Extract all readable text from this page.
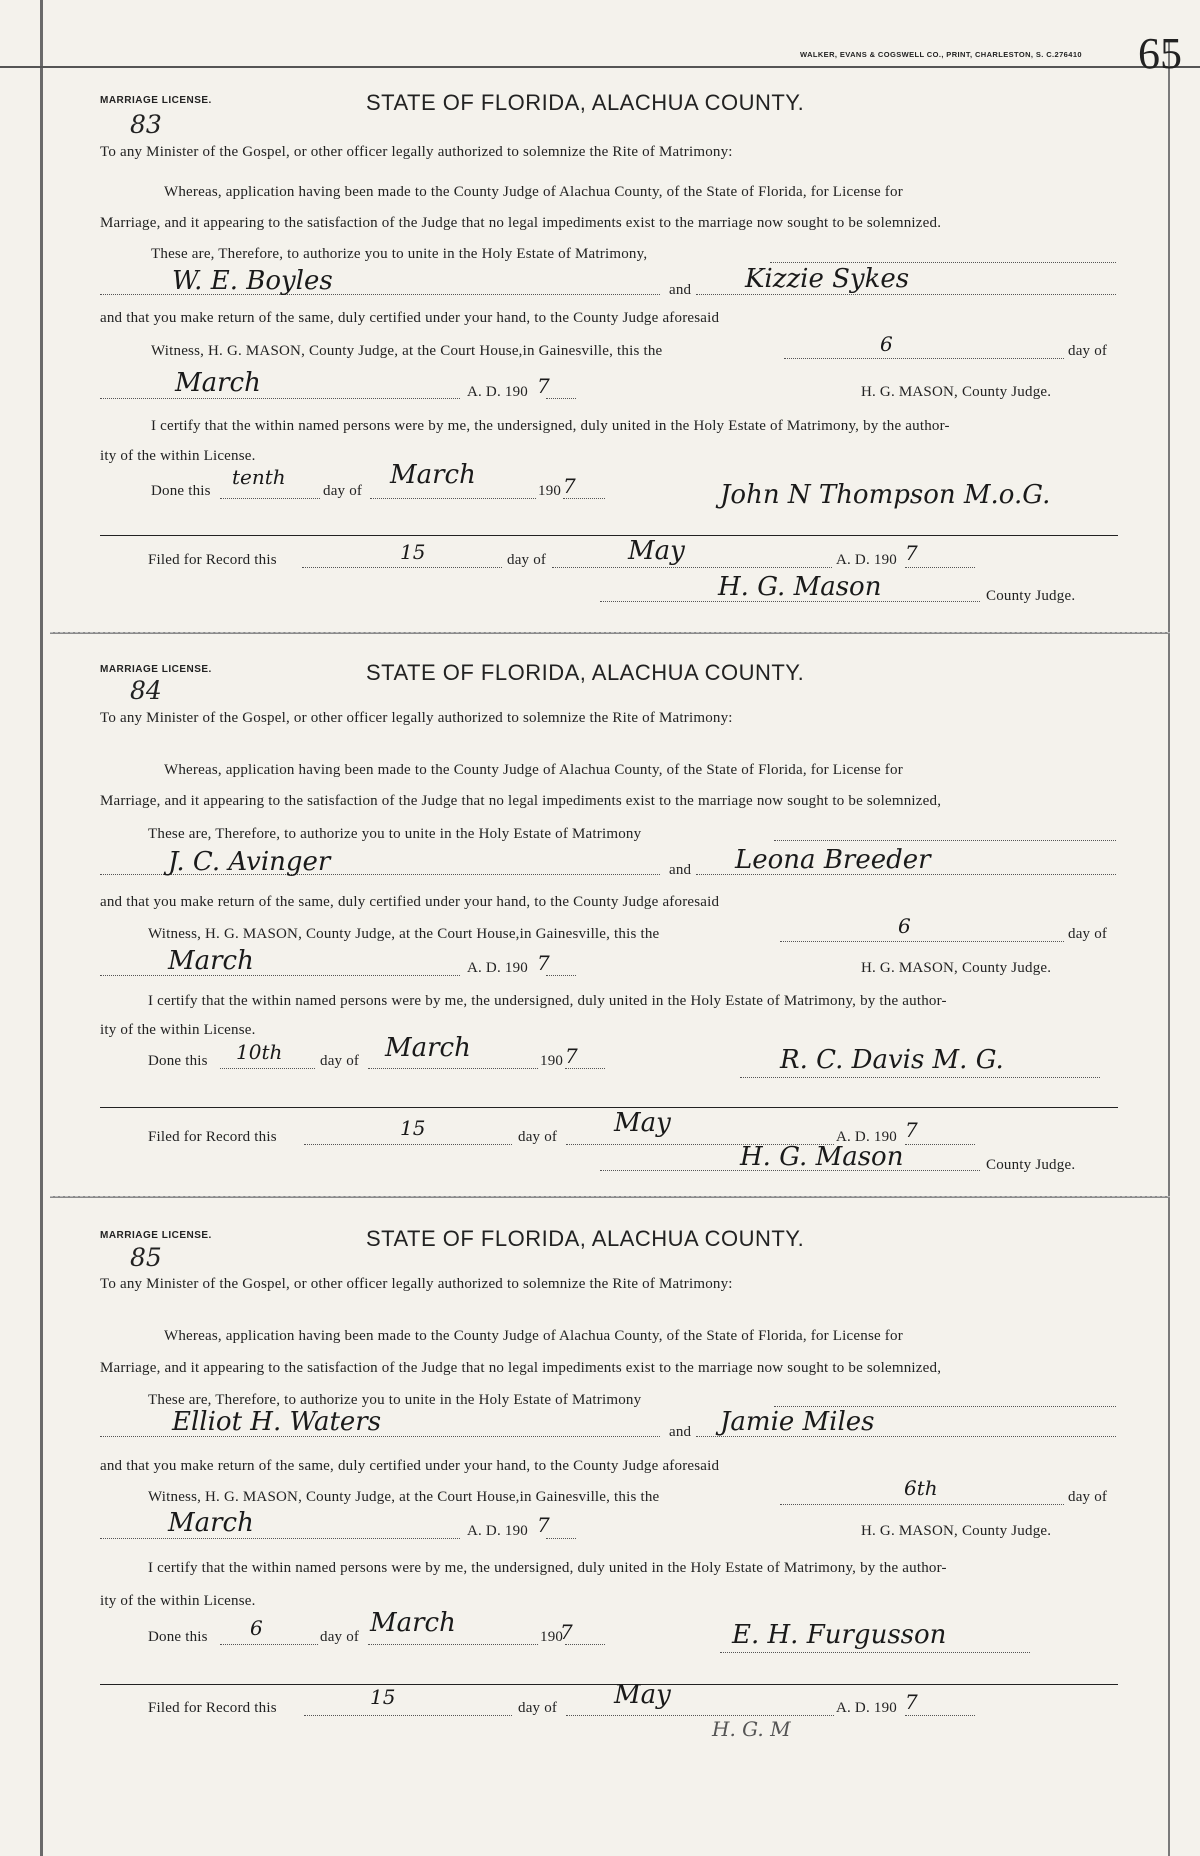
WALKER, EVANS & COGSWELL CO., PRINT, CHARLESTON, S. C.276410 65
MARRIAGE LICENSE.
83
STATE OF FLORIDA, ALACHUA COUNTY.
To any Minister of the Gospel, or other officer legally authorized to solemnize the Rite of Matrimony:
Whereas, application having been made to the County Judge of Alachua County, of the State of Florida, for License for
Marriage, and it appearing to the satisfaction of the Judge that no legal impediments exist to the marriage now sought to be solemnized.
These are, Therefore, to authorize you to unite in the Holy Estate of Matrimony,
W. E. Boyles	and Kizzie Sykes
and that you make return of the same, duly certified under your hand, to the County Judge aforesaid
Witness, H. G. MASON, County Judge, at the Court House,in Gainesville, this the	6	day of
March	A. D. 190 7	H. G. MASON, County Judge.
I certify that the within named persons were by me, the undersigned, duly united in the Holy Estate of Matrimony, by the author-
ity of the within License.
Done this
tenth
day of
March
190 7	John N Thompson M.o.G.
Filed for Record this	15	day of	May	A. D. 190 7
H. G. Mason	County Judge.
MARRIAGE LICENSE.
84
STATE OF FLORIDA, ALACHUA COUNTY.
To any Minister of the Gospel, or other officer legally authorized to solemnize the Rite of Matrimony:
Whereas, application having been made to the County Judge of Alachua County, of the State of Florida, for License for
Marriage, and it appearing to the satisfaction of the Judge that no legal impediments exist to the marriage now sought to be solemnized,
These are, Therefore, to authorize you to unite in the Holy Estate of Matrimony
J. C. Avinger	and Leona Breeder
and that you make return of the same, duly certified under your hand, to the County Judge aforesaid
Witness, H. G. MASON, County Judge, at the Court House,in Gainesville, this the	6	day of
March	A. D. 190 7	H. G. MASON, County Judge.
I certify that the within named persons were by me, the undersigned, duly united in the Holy Estate of Matrimony, by the author-
ity of the within License.
Done this 10th	day of March	190 7	R. C. Davis M. G.
Filed for Record this	15	day of May	A. D. 190 7
H. G. Mason	County Judge.
MARRIAGE LICENSE.
85
STATE OF FLORIDA, ALACHUA COUNTY.
To any Minister of the Gospel, or other officer legally authorized to solemnize the Rite of Matrimony:
Whereas, application having been made to the County Judge of Alachua County, of the State of Florida, for License for
Marriage, and it appearing to the satisfaction of the Judge that no legal impediments exist to the marriage now sought to be solemnized,
These are, Therefore, to authorize you to unite in the Holy Estate of Matrimony
Elliot H. Waters	and Jamie Miles
and that you make return of the same, duly certified under your hand, to the County Judge aforesaid
Witness, H. G. MASON, County Judge, at the Court House,in Gainesville, this the	6th	day of
March	A. D. 190 7	H. G. MASON, County Judge.
I certify that the within named persons were by me, the undersigned, duly united in the Holy Estate of Matrimony, by the author-
ity of the within License.
Done this 6	day of March	190
7	E. H. Furgusson
Filed for Record this	15	day of May	A. D. 190 7
H. G. M
